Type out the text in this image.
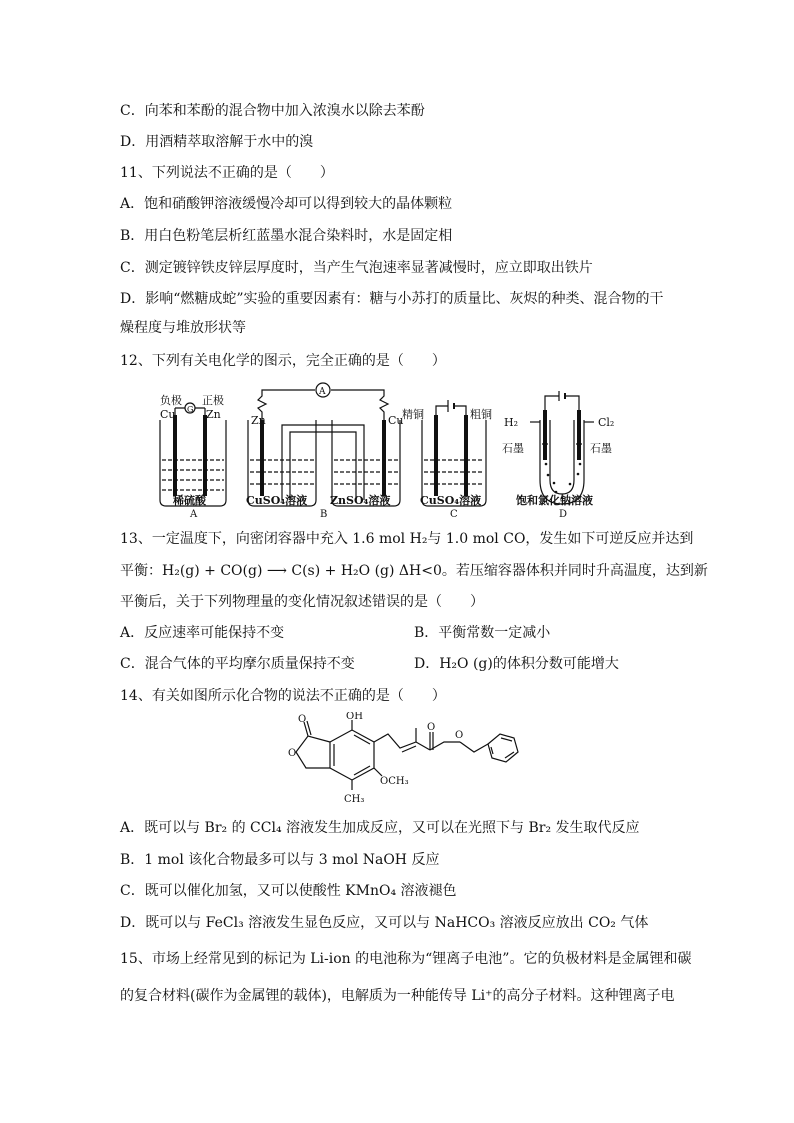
C．向苯和苯酚的混合物中加入浓溴水以除去苯酚
D．用酒精萃取溶解于水中的溴
11、下列说法不正确的是（　　）
A．饱和硝酸钾溶液缓慢冷却可以得到较大的晶体颗粒
B．用白色粉笔层析红蓝墨水混合染料时，水是固定相
C．测定镀锌铁皮锌层厚度时，当产生气泡速率显著减慢时，应立即取出铁片
D．影响“燃糖成蛇”实验的重要因素有：糖与小苏打的质量比、灰烬的种类、混合物的干
燥程度与堆放形状等
12、下列有关电化学的图示，完全正确的是（　　）
负极 正极
Cu	Zn
G
稀硫酸
A
Zn	Cu
A
CuSO₄溶液 ZnSO₄溶液
B
精铜	粗铜
CuSO₄溶液
C
H₂	Cl₂
石墨	石墨
饱和氯化钠溶液
D
13、一定温度下，向密闭容器中充入 1.6 mol H₂与 1.0 mol CO，发生如下可逆反应并达到
平衡：H₂(g) + CO(g) ⟶ C(s) + H₂O (g) ΔH<0。若压缩容器体积并同时升高温度，达到新
平衡后，关于下列物理量的变化情况叙述错误的是（　　）
A．反应速率可能保持不变	B．平衡常数一定减小
C．混合气体的平均摩尔质量保持不变	D．H₂O (g)的体积分数可能增大
14、有关如图所示化合物的说法不正确的是（　　）
O
O
OH
OCH₃
CH₃
O
O
A．既可以与 Br₂ 的 CCl₄ 溶液发生加成反应，又可以在光照下与 Br₂ 发生取代反应
B．1 mol 该化合物最多可以与 3 mol NaOH 反应
C．既可以催化加氢，又可以使酸性 KMnO₄ 溶液褪色
D．既可以与 FeCl₃ 溶液发生显色反应，又可以与 NaHCO₃ 溶液反应放出 CO₂ 气体
15、市场上经常见到的标记为 Li-ion 的电池称为“锂离子电池”。它的负极材料是金属锂和碳
的复合材料(碳作为金属锂的载体)，电解质为一种能传导 Li⁺的高分子材料。这种锂离子电
